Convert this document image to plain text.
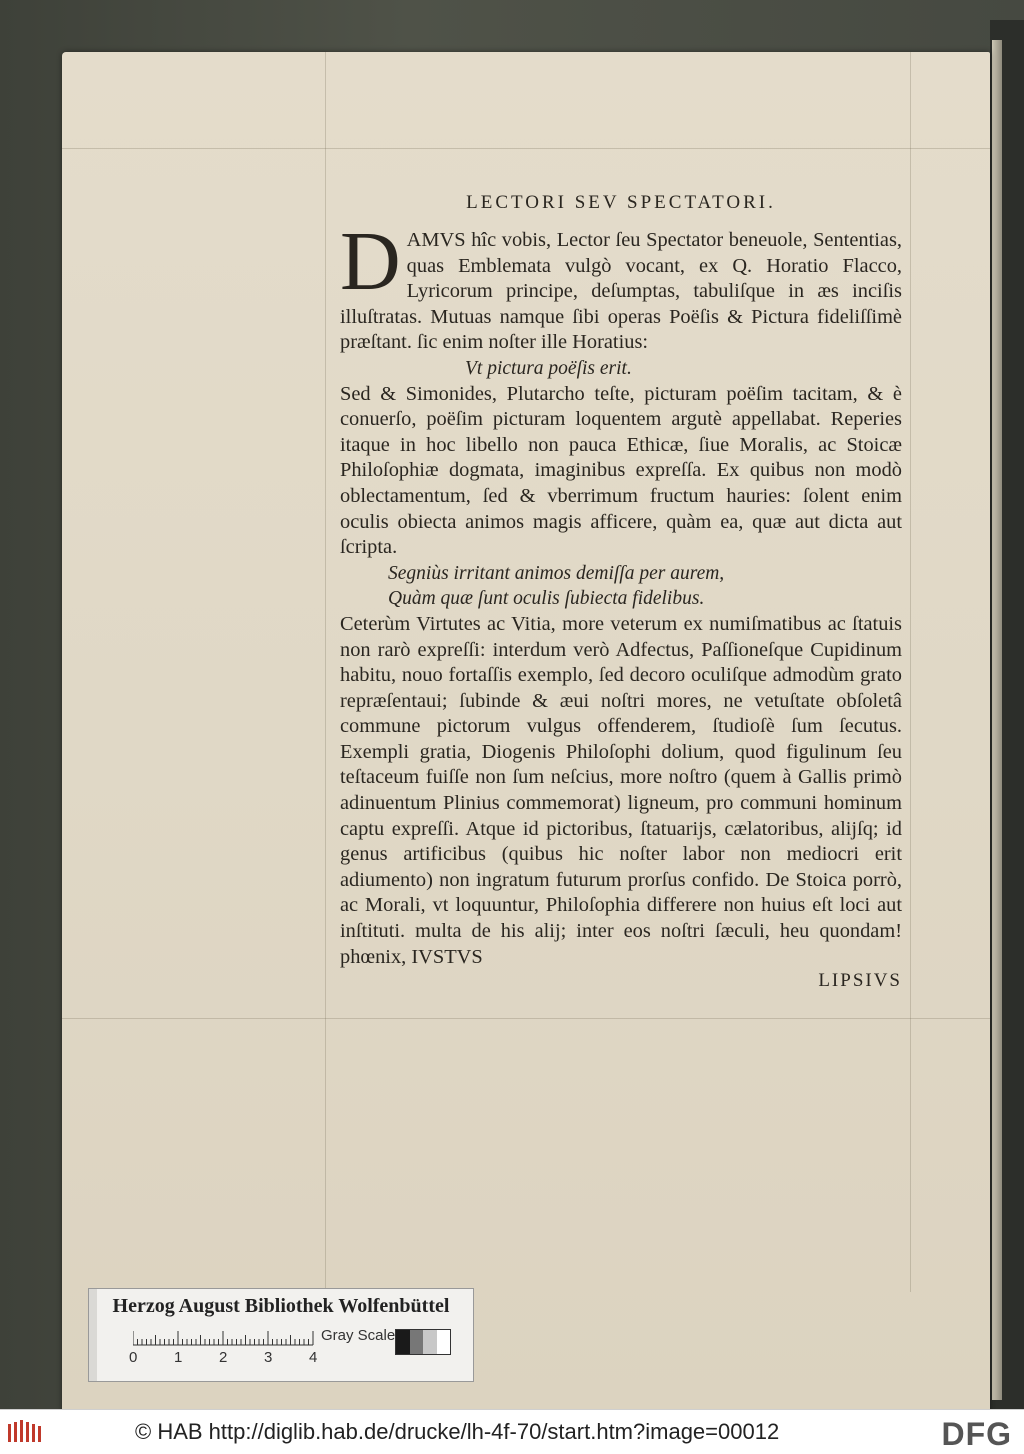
LECTORI SEV SPECTATORI.

D AMVS hîc vobis, Lector ſeu Spectator beneuole, Sententias, quas Emblemata vulgò vocant, ex Q. Horatio Flacco, Lyricorum principe, deſumptas, tabuliſque in æs inciſis illuſtratas. Mutuas namque ſibi operas Poëſis & Pictura fideliſſimè præſtant. ſic enim noſter ille Horatius:

Vt pictura poëſis erit.

Sed & Simonides, Plutarcho teſte, picturam poëſim tacitam, & è conuerſo, poëſim picturam loquentem argutè appellabat. Reperies itaque in hoc libello non pauca Ethicæ, ſiue Moralis, ac Stoicæ Philoſophiæ dogmata, imaginibus expreſſa. Ex quibus non modò oblectamentum, ſed & vberrimum fructum hauries: ſolent enim oculis obiecta animos magis afficere, quàm ea, quæ aut dicta aut ſcripta.

Segniùs irritant animos demiſſa per aurem,

Quàm quæ ſunt oculis ſubiecta fidelibus.

Ceterùm Virtutes ac Vitia, more veterum ex numiſmatibus ac ſtatuis non rarò expreſſi: interdum verò Adfectus, Paſſioneſque Cupidinum habitu, nouo fortaſſis exemplo, ſed decoro oculiſque admodùm grato repræſentaui; ſubinde & æui noſtri mores, ne vetuſtate obſoletâ commune pictorum vulgus offenderem, ſtudioſè ſum ſecutus. Exempli gratia, Diogenis Philoſophi dolium, quod figulinum ſeu teſtaceum fuiſſe non ſum neſcius, more noſtro (quem à Gallis primò adinuentum Plinius commemorat) ligneum, pro communi hominum captu expreſſi. Atque id pictoribus, ſtatuarijs, cælatoribus, alijſq; id genus artificibus (quibus hic noſter labor non mediocri erit adiumento) non ingratum futurum prorſus confido. De Stoica porrò, ac Morali, vt loquuntur, Philoſophia differere non huius eſt loci aut inſtituti. multa de his alij; inter eos noſtri ſæculi, heu quondam! phœnix, IVSTVS

LIPSIVS
Herzog August Bibliothek Wolfenbüttel
0 1 2 3 4
Gray Scale
© HAB http://diglib.hab.de/drucke/lh-4f-70/start.htm?image=00012	DFG
